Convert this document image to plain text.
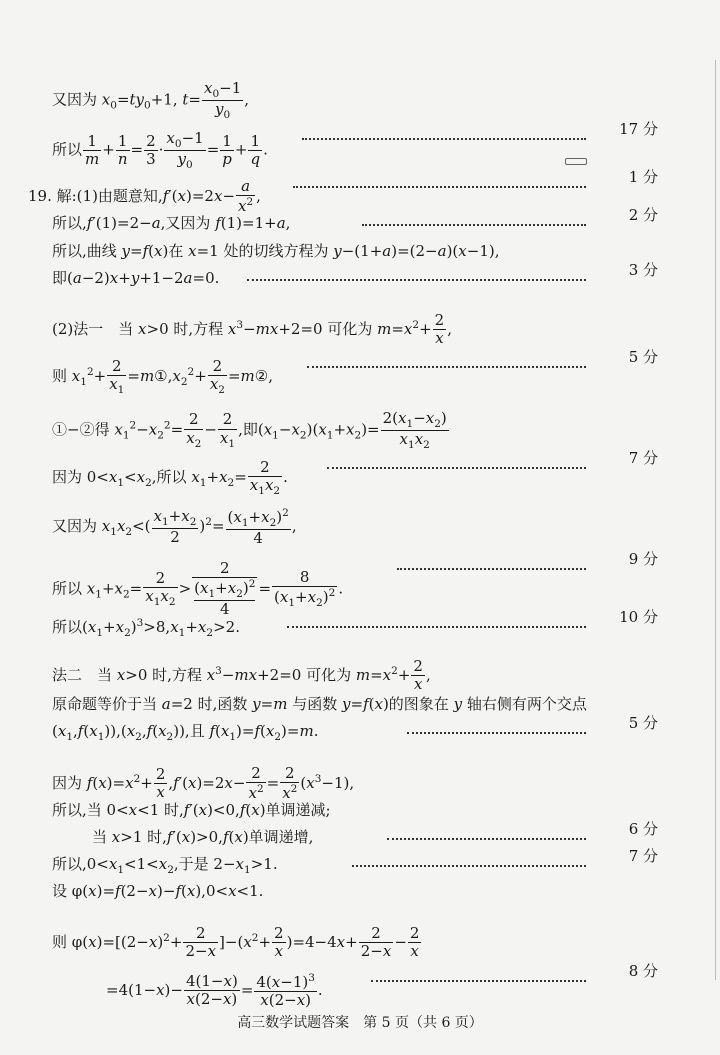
又因为 $x_0=ty_0+1$, $t= \frac{x_0-1}{y_0}$ ,
所以 $\frac{1}{m} + \frac{1}{n} = \frac{2}{3} \cdot \frac{x_0-1}{y_0} = \frac{1}{p} + \frac{1}{q}$ .
17 分
19. 解:(1)由题意知$,f'(x)=2x- \frac{a}{x^2}$ ,
1 分
所以,f′(1)=2−a,又因为 f(1)=1+a,	2 分
所以,曲线 y=f(x)在 x=1 处的切线方程为 y−(1+a)=(2−a)(x−1),
即(a−2)x+y+1−2a=0.	3 分
(2)法一　当 x>0 时,方程 $x^3-mx+2=0$ 可化为 $m=x^2+ \frac{2}{x}$ ,
则 $x_1^2+ \frac{2}{x_1}$ $=m①,x_2^2+ \frac{2}{x_2}$ =m②,
5 分
①−②得 $x_1^2-x_2^2= \frac{2}{x_2} - \frac{2}{x_1}$ ,即$(x_1-x_2)(x_1+x_2)= \frac{2(x_1-x_2)}{x_1x_2}$
因为 $0<x_1<x_2$,所以 $x_1+x_2= \frac{2}{x_1x_2}$ .
7 分
又因为 $x_1x_2<( \frac{x_1+x_2}{2} )^2= \frac{(x_1+x_2)^2}{4}$ ,
所以 $x_1+x_2= \frac{2}{x_1x_2} > 2$
$(x_1+x_2)^2$
$4 = \frac{8}{(x_1+x_2)^2}$ .
9 分
所以$(x_1+x_2)^3>8,x_1+x_2>2$.
10 分
法二　当 x>0 时,方程 $x^3-mx+2=0$ 可化为 $m=x^2+ \frac{2}{x}$ ,
原命题等价于当 a=2 时,函数 y=m 与函数 y=f(x)的图象在 y 轴右侧有两个交点
$(x_1,f(x_1)),(x_2,f(x_2))$,且 $f(x_1)=f(x_2)=m$.	5 分
因为 $f(x)=x^2+ \frac{2}{x} ,f'(x)=2x- \frac{2}{x^2} = \frac{2}{x^2} (x^3-1)$,
所以,当 0<x<1 时,f′(x)<0,f(x)单调递减;
当 x>1 时,f′(x)>0,f(x)单调递增,	6 分
所以$,0<x_1<1<x_2$,于是 $2-x_1>1$.	7 分
设 φ(x)=f(2−x)−f(x),0<x<1.
则 $\varphi(x)=[(2-x)^2+ \frac{2}{2-x} ]-(x^2+ \frac{2}{x} )=4-4x+ \frac{2}{2-x} - \frac{2}{x}$
$=4(1-x)- \frac{4(1-x)}{x(2-x)} = \frac{4(x-1)^3}{x(2-x)}$ .
8 分
高三数学试题答案　第 5 页（共 6 页）
